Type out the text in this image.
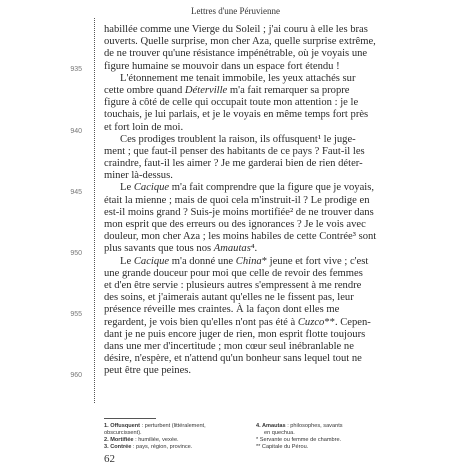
Lettres d'une Péruvienne
935
940
945
950
955
960
habillée comme une Vierge du Soleil ; j'ai couru à elle les bras
ouverts. Quelle surprise, mon cher Aza, quelle surprise extrême,
de ne trouver qu'une résistance impénétrable, où je voyais une
figure humaine se mouvoir dans un espace fort étendu !
L'étonnement me tenait immobile, les yeux attachés sur
cette ombre quand Déterville m'a fait remarquer sa propre
figure à côté de celle qui occupait toute mon attention : je le
touchais, je lui parlais, et je le voyais en même temps fort près
et fort loin de moi.
Ces prodiges troublent la raison, ils offusquent¹ le juge-
ment ; que faut-il penser des habitants de ce pays ? Faut-il les
craindre, faut-il les aimer ? Je me garderai bien de rien déter-
miner là-dessus.
Le Cacique m'a fait comprendre que la figure que je voyais,
était la mienne ; mais de quoi cela m'instruit-il ? Le prodige en
est-il moins grand ? Suis-je moins mortifiée² de ne trouver dans
mon esprit que des erreurs ou des ignorances ? Je le vois avec
douleur, mon cher Aza ; les moins habiles de cette Contrée³ sont
plus savants que tous nos Amautas⁴.
Le Cacique m'a donné une China* jeune et fort vive ; c'est
une grande douceur pour moi que celle de revoir des femmes
et d'en être servie : plusieurs autres s'empressent à me rendre
des soins, et j'aimerais autant qu'elles ne le fissent pas, leur
présence réveille mes craintes. À la façon dont elles me
regardent, je vois bien qu'elles n'ont pas été à Cuzco**. Cepen-
dant je ne puis encore juger de rien, mon esprit flotte toujours
dans une mer d'incertitude ; mon cœur seul inébranlable ne
désire, n'espère, et n'attend qu'un bonheur sans lequel tout ne
peut être que peines.
1. Offusquent : perturbent (littéralement,
obscurcissent).
2. Mortifiée : humiliée, vexée.
3. Contrée : pays, région, province.
4. Amautas : philosophes, savants
en quechua.
* Servante ou femme de chambre.
** Capitale du Pérou.
62
